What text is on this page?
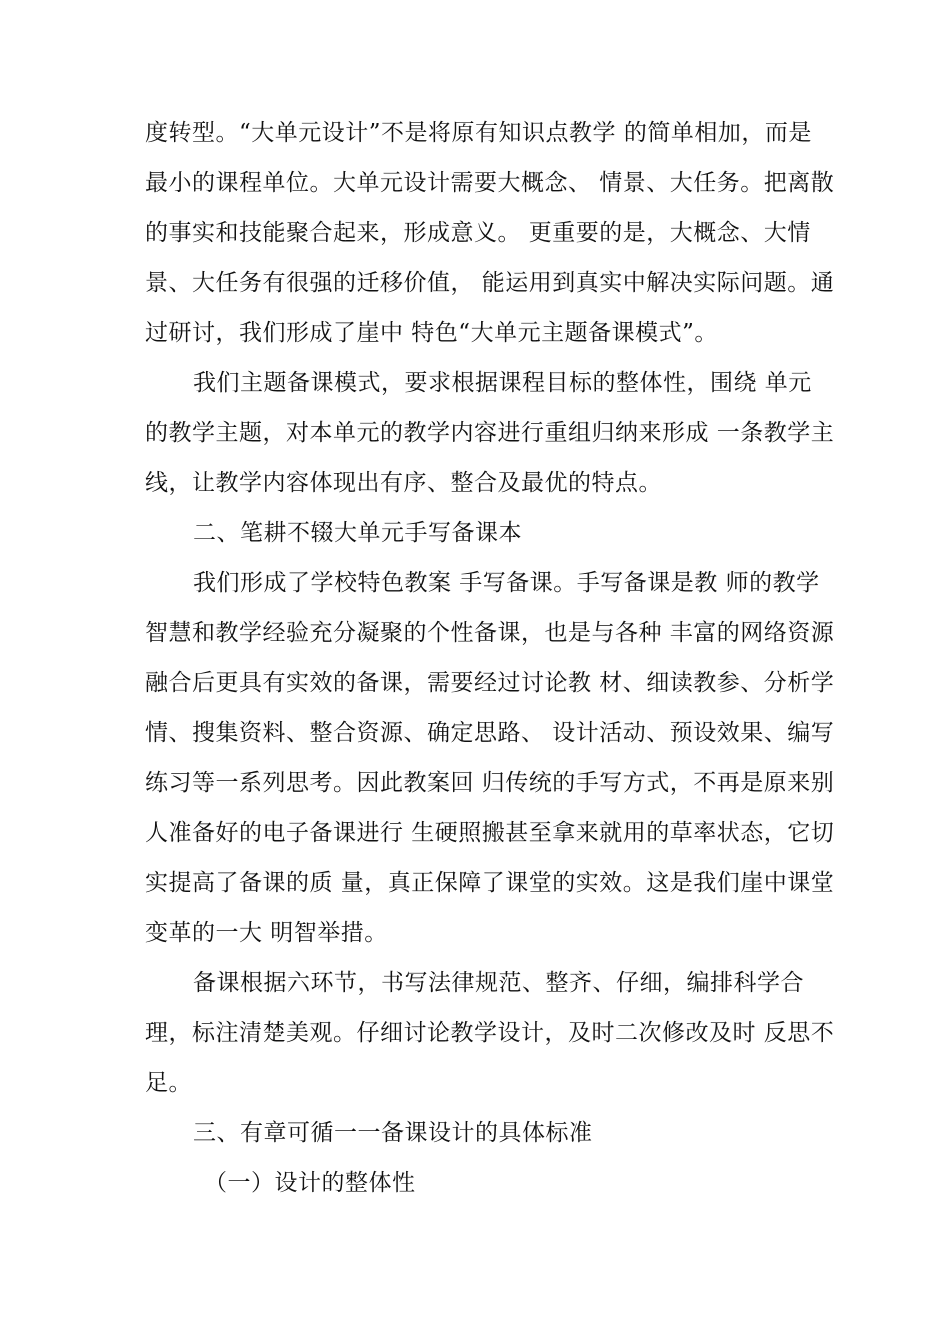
度转型。“大单元设计”不是将原有知识点教学 的简单相加，而是
最小的课程单位。大单元设计需要大概念、 情景、大任务。把离散
的事实和技能聚合起来，形成意义。 更重要的是，大概念、大情
景、大任务有很强的迁移价值， 能运用到真实中解决实际问题。通
过研讨，我们形成了崖中 特色“大单元主题备课模式”。
我们主题备课模式，要求根据课程目标的整体性，围绕 单元
的教学主题，对本单元的教学内容进行重组归纳来形成 一条教学主
线，让教学内容体现出有序、整合及最优的特点。
二、笔耕不辍大单元手写备课本
我们形成了学校特色教案 手写备课。手写备课是教 师的教学
智慧和教学经验充分凝聚的个性备课，也是与各种 丰富的网络资源
融合后更具有实效的备课，需要经过讨论教 材、细读教参、分析学
情、搜集资料、整合资源、确定思路、 设计活动、预设效果、编写
练习等一系列思考。因此教案回 归传统的手写方式，不再是原来别
人准备好的电子备课进行 生硬照搬甚至拿来就用的草率状态，它切
实提高了备课的质 量，真正保障了课堂的实效。这是我们崖中课堂
变革的一大 明智举措。
备课根据六环节，书写法律规范、整齐、仔细，编排科学合
理，标注清楚美观。仔细讨论教学设计，及时二次修改及时 反思不
足。
三、有章可循一一备课设计的具体标准
（一）设计的整体性
